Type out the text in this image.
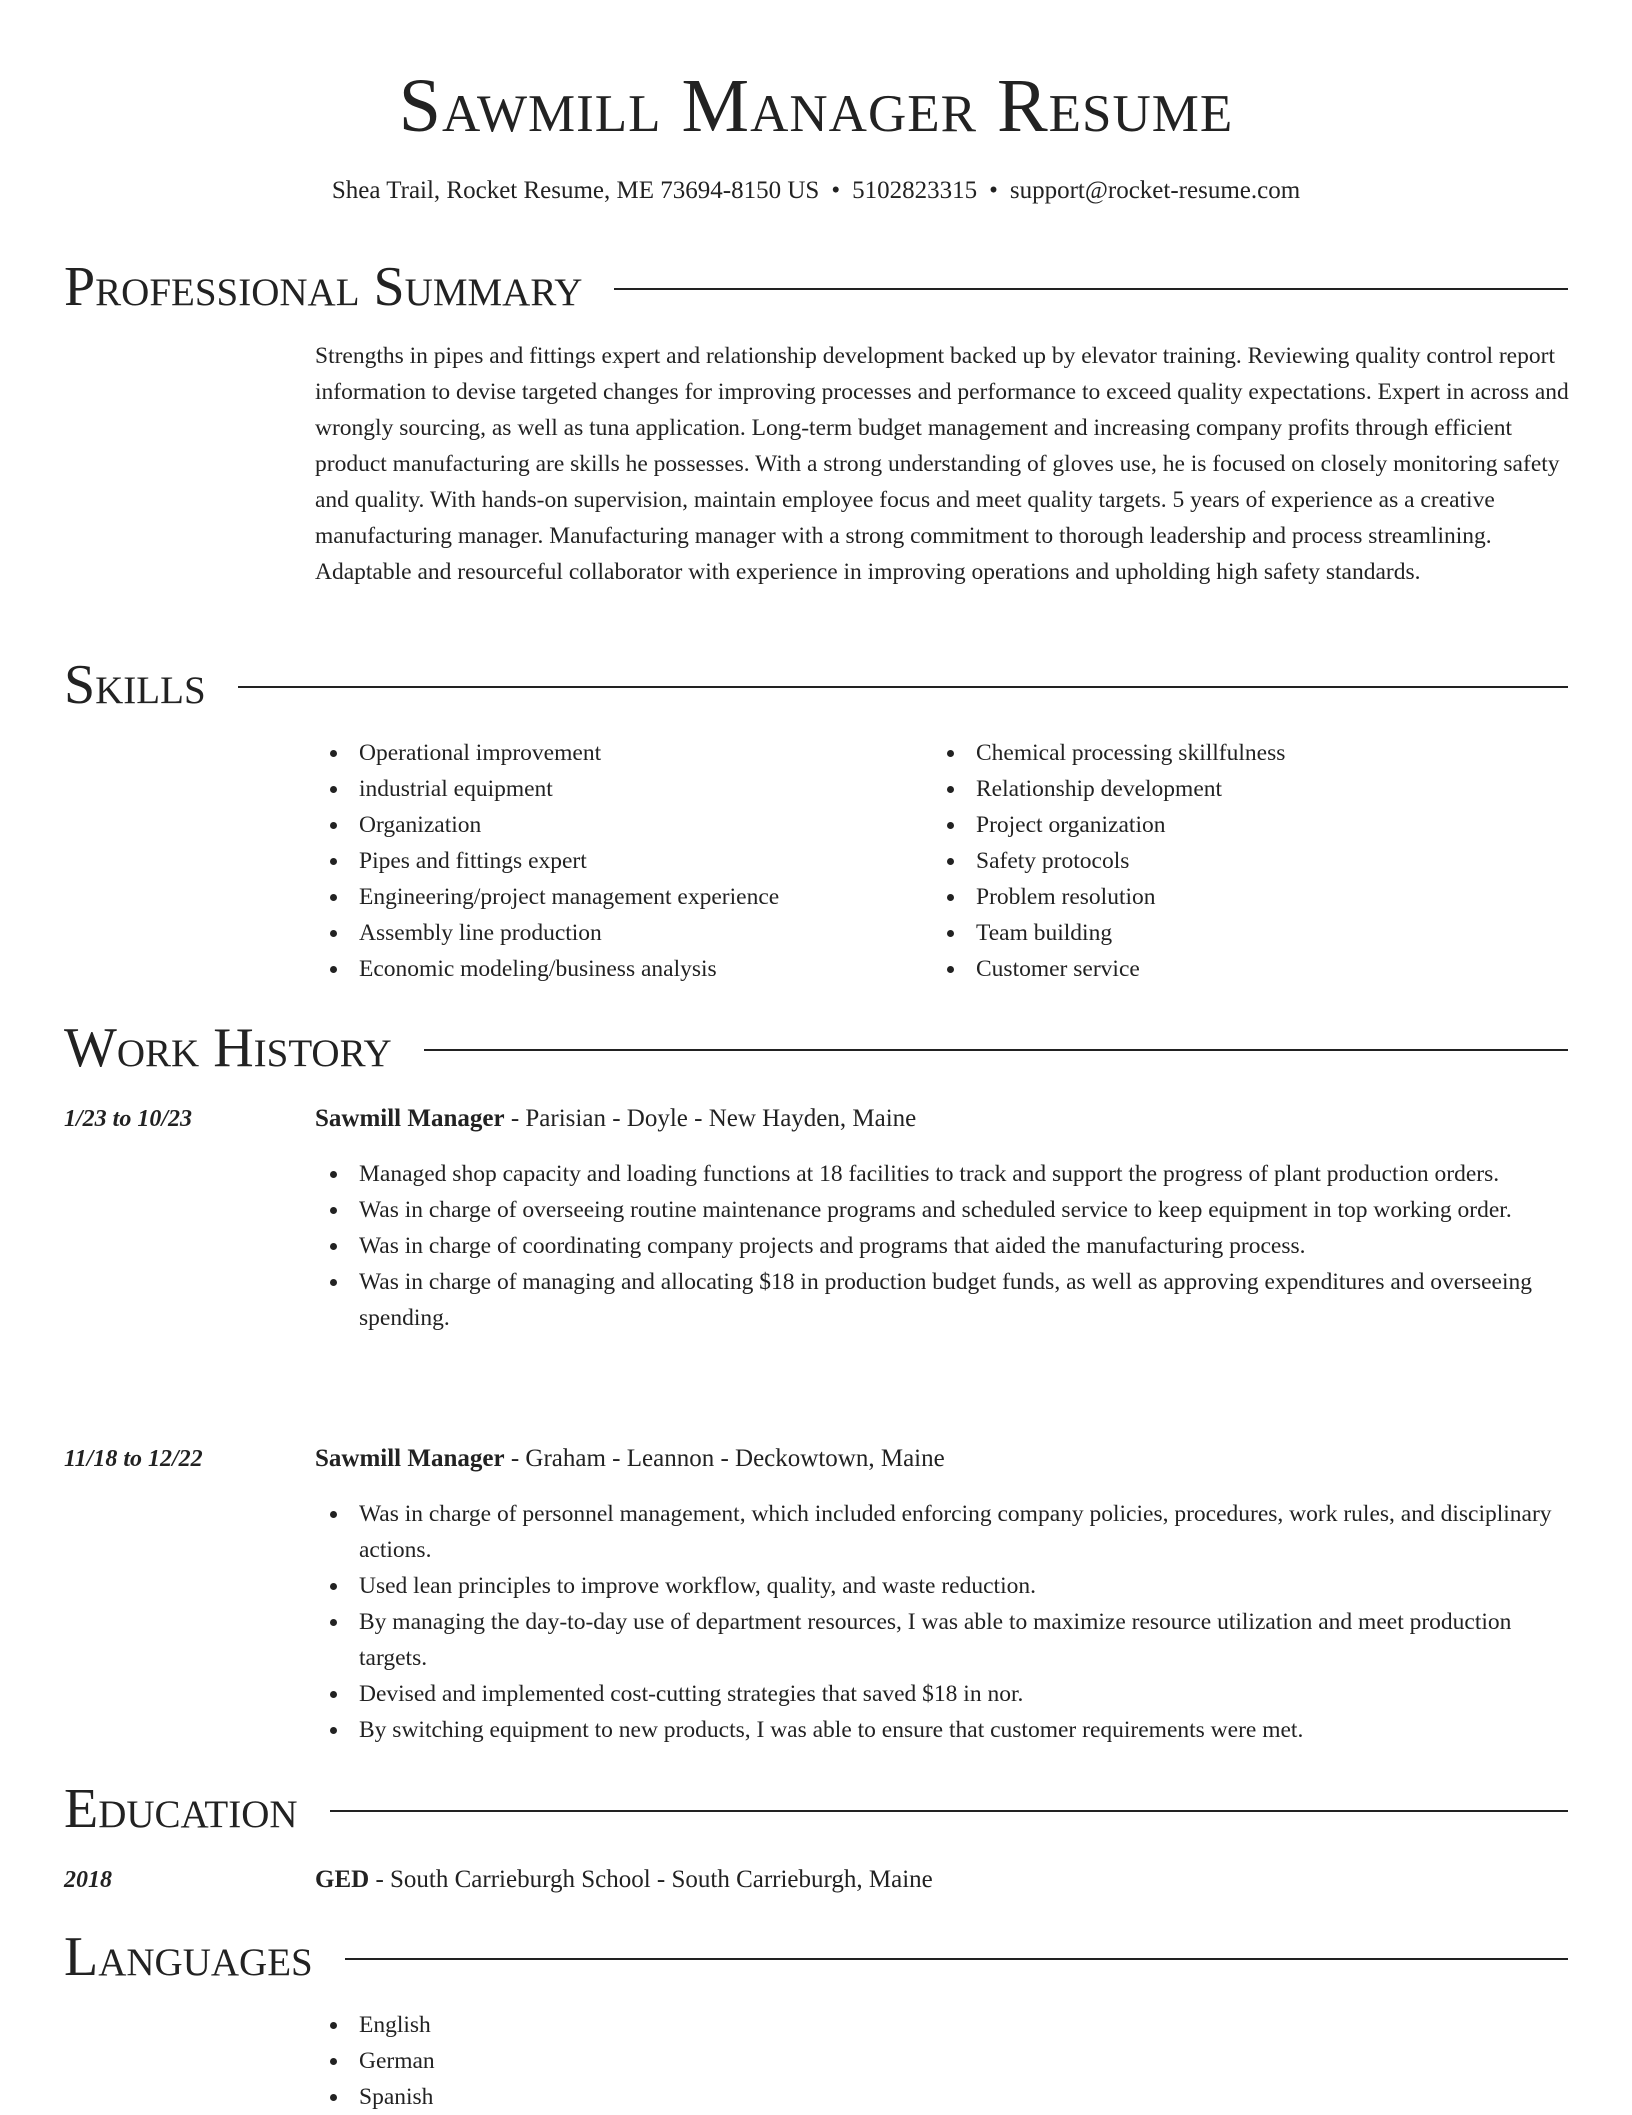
Sawmill Manager Resume
Shea Trail, Rocket Resume, ME 73694-8150 US • 5102823315 • support@rocket-resume.com
Professional Summary

Strengths in pipes and fittings expert and relationship development backed up by elevator training. Reviewing quality control report information to devise targeted changes for improving processes and performance to exceed quality expectations. Expert in across and wrongly sourcing, as well as tuna application. Long-term budget management and increasing company profits through efficient product manufacturing are skills he possesses. With a strong understanding of gloves use, he is focused on closely monitoring safety and quality. With hands-on supervision, maintain employee focus and meet quality targets. 5 years of experience as a creative manufacturing manager. Manufacturing manager with a strong commitment to thorough leadership and process streamlining. Adaptable and resourceful collaborator with experience in improving operations and upholding high safety standards.

Skills
Operational improvement
industrial equipment
Organization
Pipes and fittings expert
Engineering/project management experience
Assembly line production
Economic modeling/business analysis
Chemical processing skillfulness
Relationship development
Project organization
Safety protocols
Problem resolution
Team building
Customer service
Work History
1/23 to 10/23	Sawmill Manager - Parisian - Doyle - New Hayden, Maine
Managed shop capacity and loading functions at 18 facilities to track and support the progress of plant production orders.
Was in charge of overseeing routine maintenance programs and scheduled service to keep equipment in top working order.
Was in charge of coordinating company projects and programs that aided the manufacturing process.
Was in charge of managing and allocating $18 in production budget funds, as well as approving expenditures and overseeing spending.
11/18 to 12/22	Sawmill Manager - Graham - Leannon - Deckowtown, Maine
Was in charge of personnel management, which included enforcing company policies, procedures, work rules, and disciplinary actions.
Used lean principles to improve workflow, quality, and waste reduction.
By managing the day-to-day use of department resources, I was able to maximize resource utilization and meet production targets.
Devised and implemented cost-cutting strategies that saved $18 in nor.
By switching equipment to new products, I was able to ensure that customer requirements were met.
Education
2018	GED - South Carrieburgh School - South Carrieburgh, Maine
Languages
English
German
Spanish
